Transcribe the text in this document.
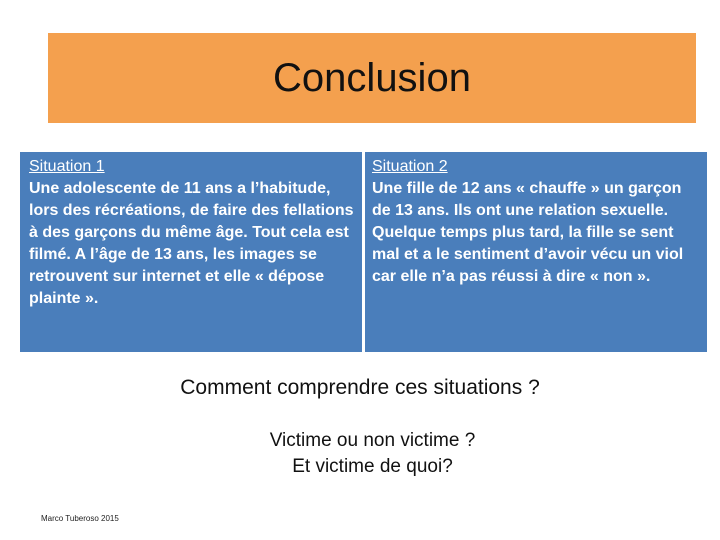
Conclusion
Situation 1
Une adolescente de 11 ans a l’habitude, lors des récréations, de faire des fellations à des garçons du même âge. Tout cela est filmé. A l’âge de 13 ans, les images se retrouvent sur internet et elle « dépose plainte ».
Situation 2
Une fille de 12 ans « chauffe » un garçon de 13 ans. Ils ont une relation sexuelle. Quelque temps plus tard, la fille se sent mal et a le sentiment d’avoir vécu un viol car elle n’a pas réussi à dire « non ».
Comment comprendre ces situations ?
Victime ou non victime ?
Et victime de quoi?
Marco Tuberoso 2015
